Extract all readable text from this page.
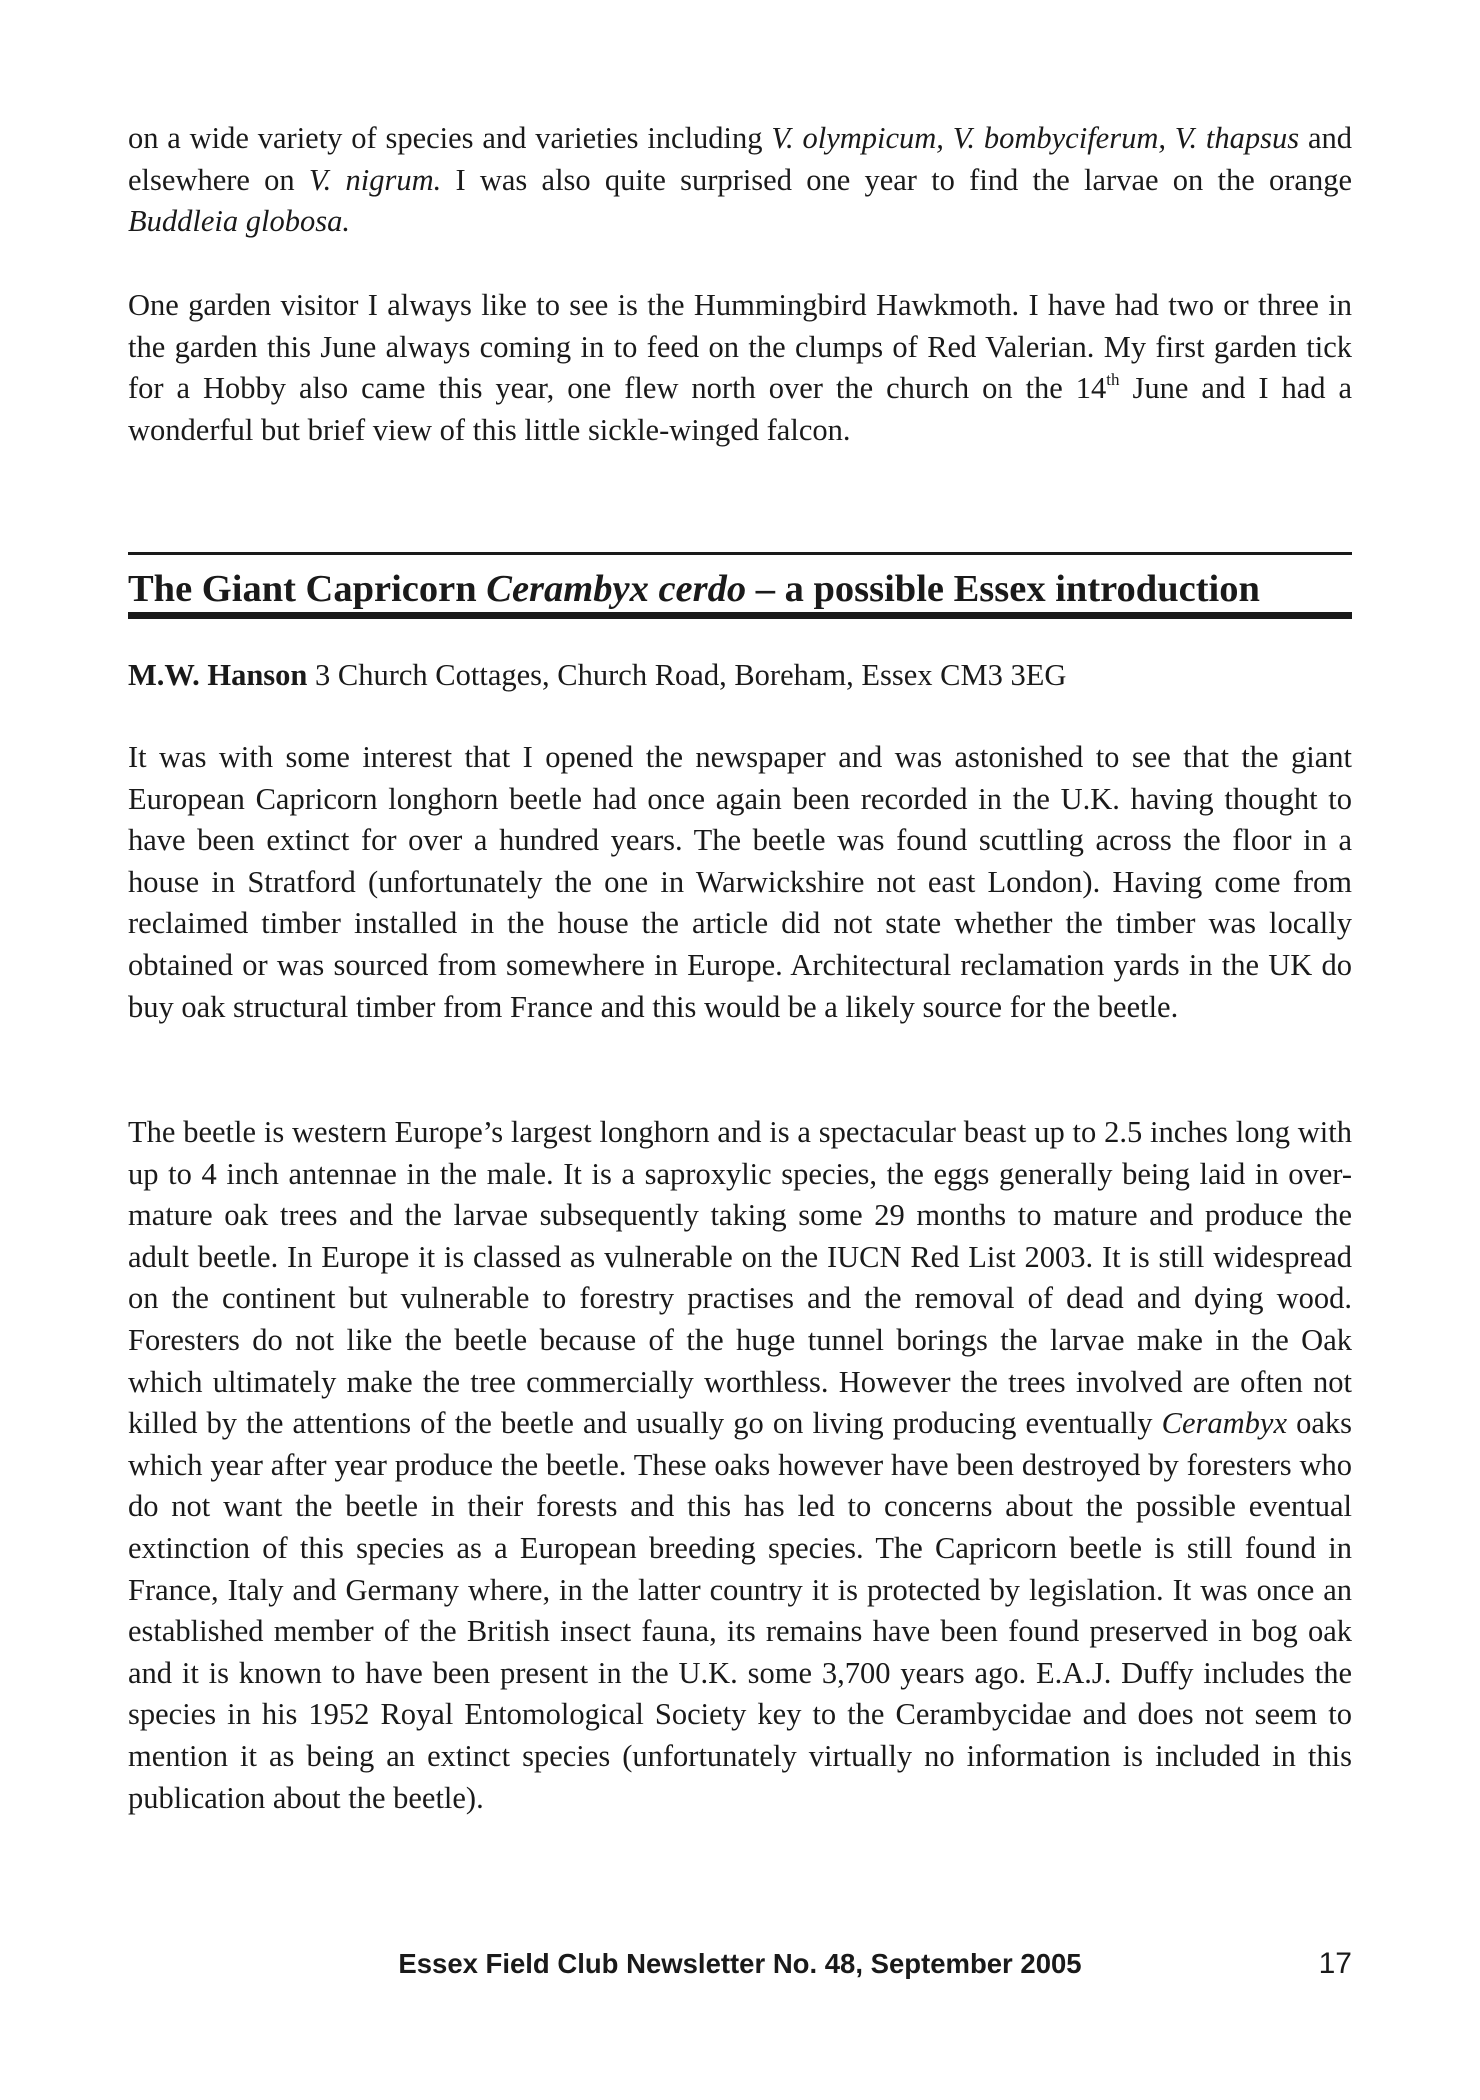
on a wide variety of species and varieties including V. olympicum, V. bombyciferum, V. thapsus and elsewhere on V. nigrum. I was also quite surprised one year to find the larvae on the orange Buddleia globosa.

One garden visitor I always like to see is the Hummingbird Hawkmoth. I have had two or three in the garden this June always coming in to feed on the clumps of Red Valerian. My first garden tick for a Hobby also came this year, one flew north over the church on the 14th June and I had a wonderful but brief view of this little sickle-winged falcon.

The Giant Capricorn Cerambyx cerdo – a possible Essex introduction
M.W. Hanson 3 Church Cottages, Church Road, Boreham, Essex CM3 3EG

It was with some interest that I opened the newspaper and was astonished to see that the giant European Capricorn longhorn beetle had once again been recorded in the U.K. having thought to have been extinct for over a hundred years. The beetle was found scuttling across the floor in a house in Stratford (unfortunately the one in Warwickshire not east London). Having come from reclaimed timber installed in the house the article did not state whether the timber was locally obtained or was sourced from somewhere in Europe. Architectural reclamation yards in the UK do buy oak structural timber from France and this would be a likely source for the beetle.

The beetle is western Europe’s largest longhorn and is a spectacular beast up to 2.5 inches long with up to 4 inch antennae in the male. It is a saproxylic species, the eggs generally being laid in over-mature oak trees and the larvae subsequently taking some 29 months to mature and produce the adult beetle. In Europe it is classed as vulnerable on the IUCN Red List 2003. It is still widespread on the continent but vulnerable to forestry practises and the removal of dead and dying wood. Foresters do not like the beetle because of the huge tunnel borings the larvae make in the Oak which ultimately make the tree commercially worthless. However the trees involved are often not killed by the attentions of the beetle and usually go on living producing eventually Cerambyx oaks which year after year produce the beetle. These oaks however have been destroyed by foresters who do not want the beetle in their forests and this has led to concerns about the possible eventual extinction of this species as a European breeding species. The Capricorn beetle is still found in France, Italy and Germany where, in the latter country it is protected by legislation. It was once an established member of the British insect fauna, its remains have been found preserved in bog oak and it is known to have been present in the U.K. some 3,700 years ago. E.A.J. Duffy includes the species in his 1952 Royal Entomological Society key to the Cerambycidae and does not seem to mention it as being an extinct species (unfortunately virtually no information is included in this publication about the beetle).

Essex Field Club Newsletter No. 48, September 2005	17
